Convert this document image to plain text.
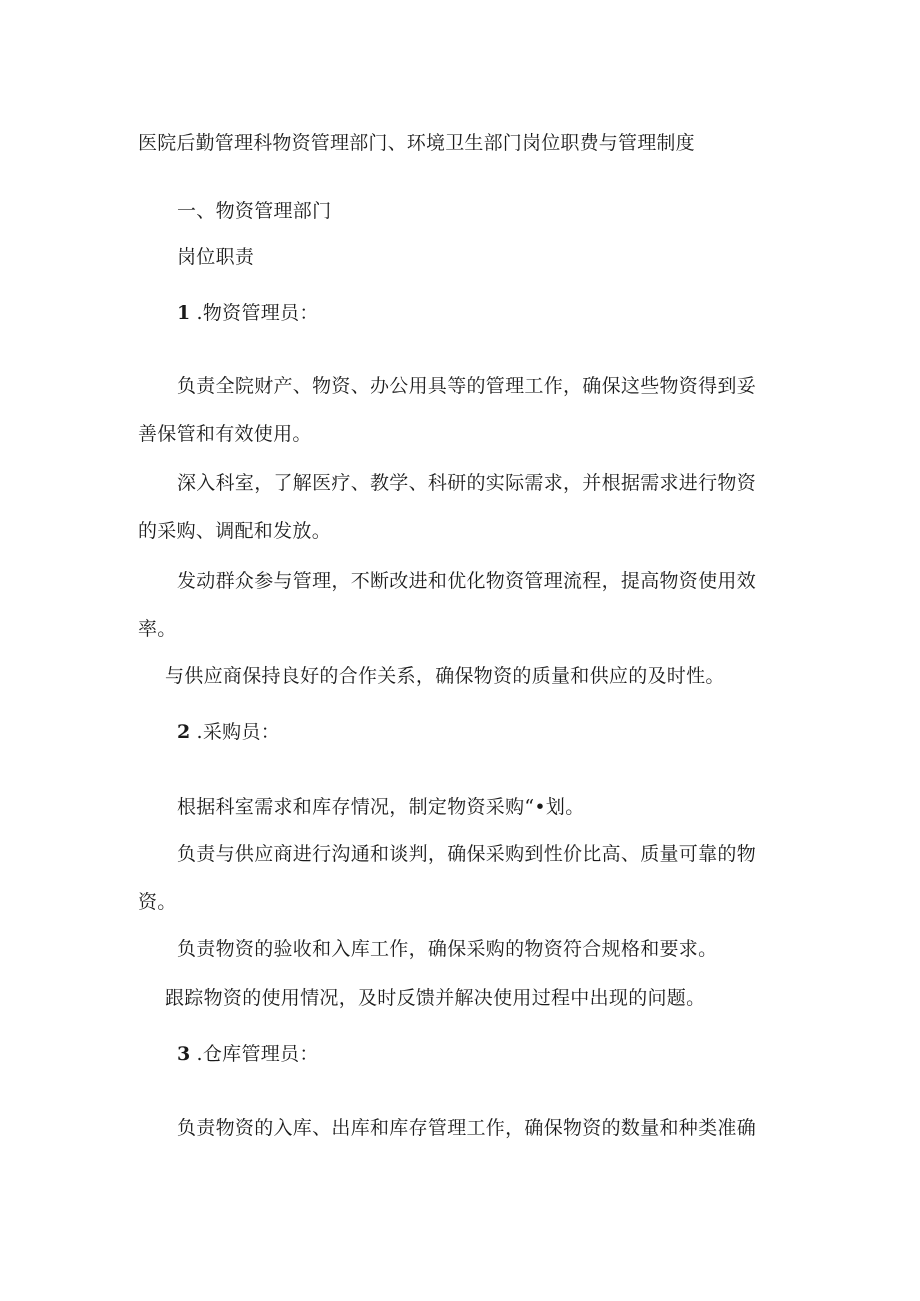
医院后勤管理科物资管理部门、环境卫生部门岗位职费与管理制度
一、物资管理部门
岗位职责
1 .物资管理员：
负责全院财产、物资、办公用具等的管理工作，确保这些物资得到妥
善保管和有效使用。
深入科室，了解医疗、教学、科研的实际需求，并根据需求进行物资
的采购、调配和发放。
发动群众参与管理，不断改进和优化物资管理流程，提高物资使用效
率。
与供应商保持良好的合作关系，确保物资的质量和供应的及时性。
2 .采购员：
根据科室需求和库存情况，制定物资采购“•划。
负责与供应商进行沟通和谈判，确保采购到性价比高、质量可靠的物
资。
负责物资的验收和入库工作，确保采购的物资符合规格和要求。
跟踪物资的使用情况，及时反馈并解决使用过程中出现的问题。
3 .仓库管理员：
负责物资的入库、出库和库存管理工作，确保物资的数量和种类准确
